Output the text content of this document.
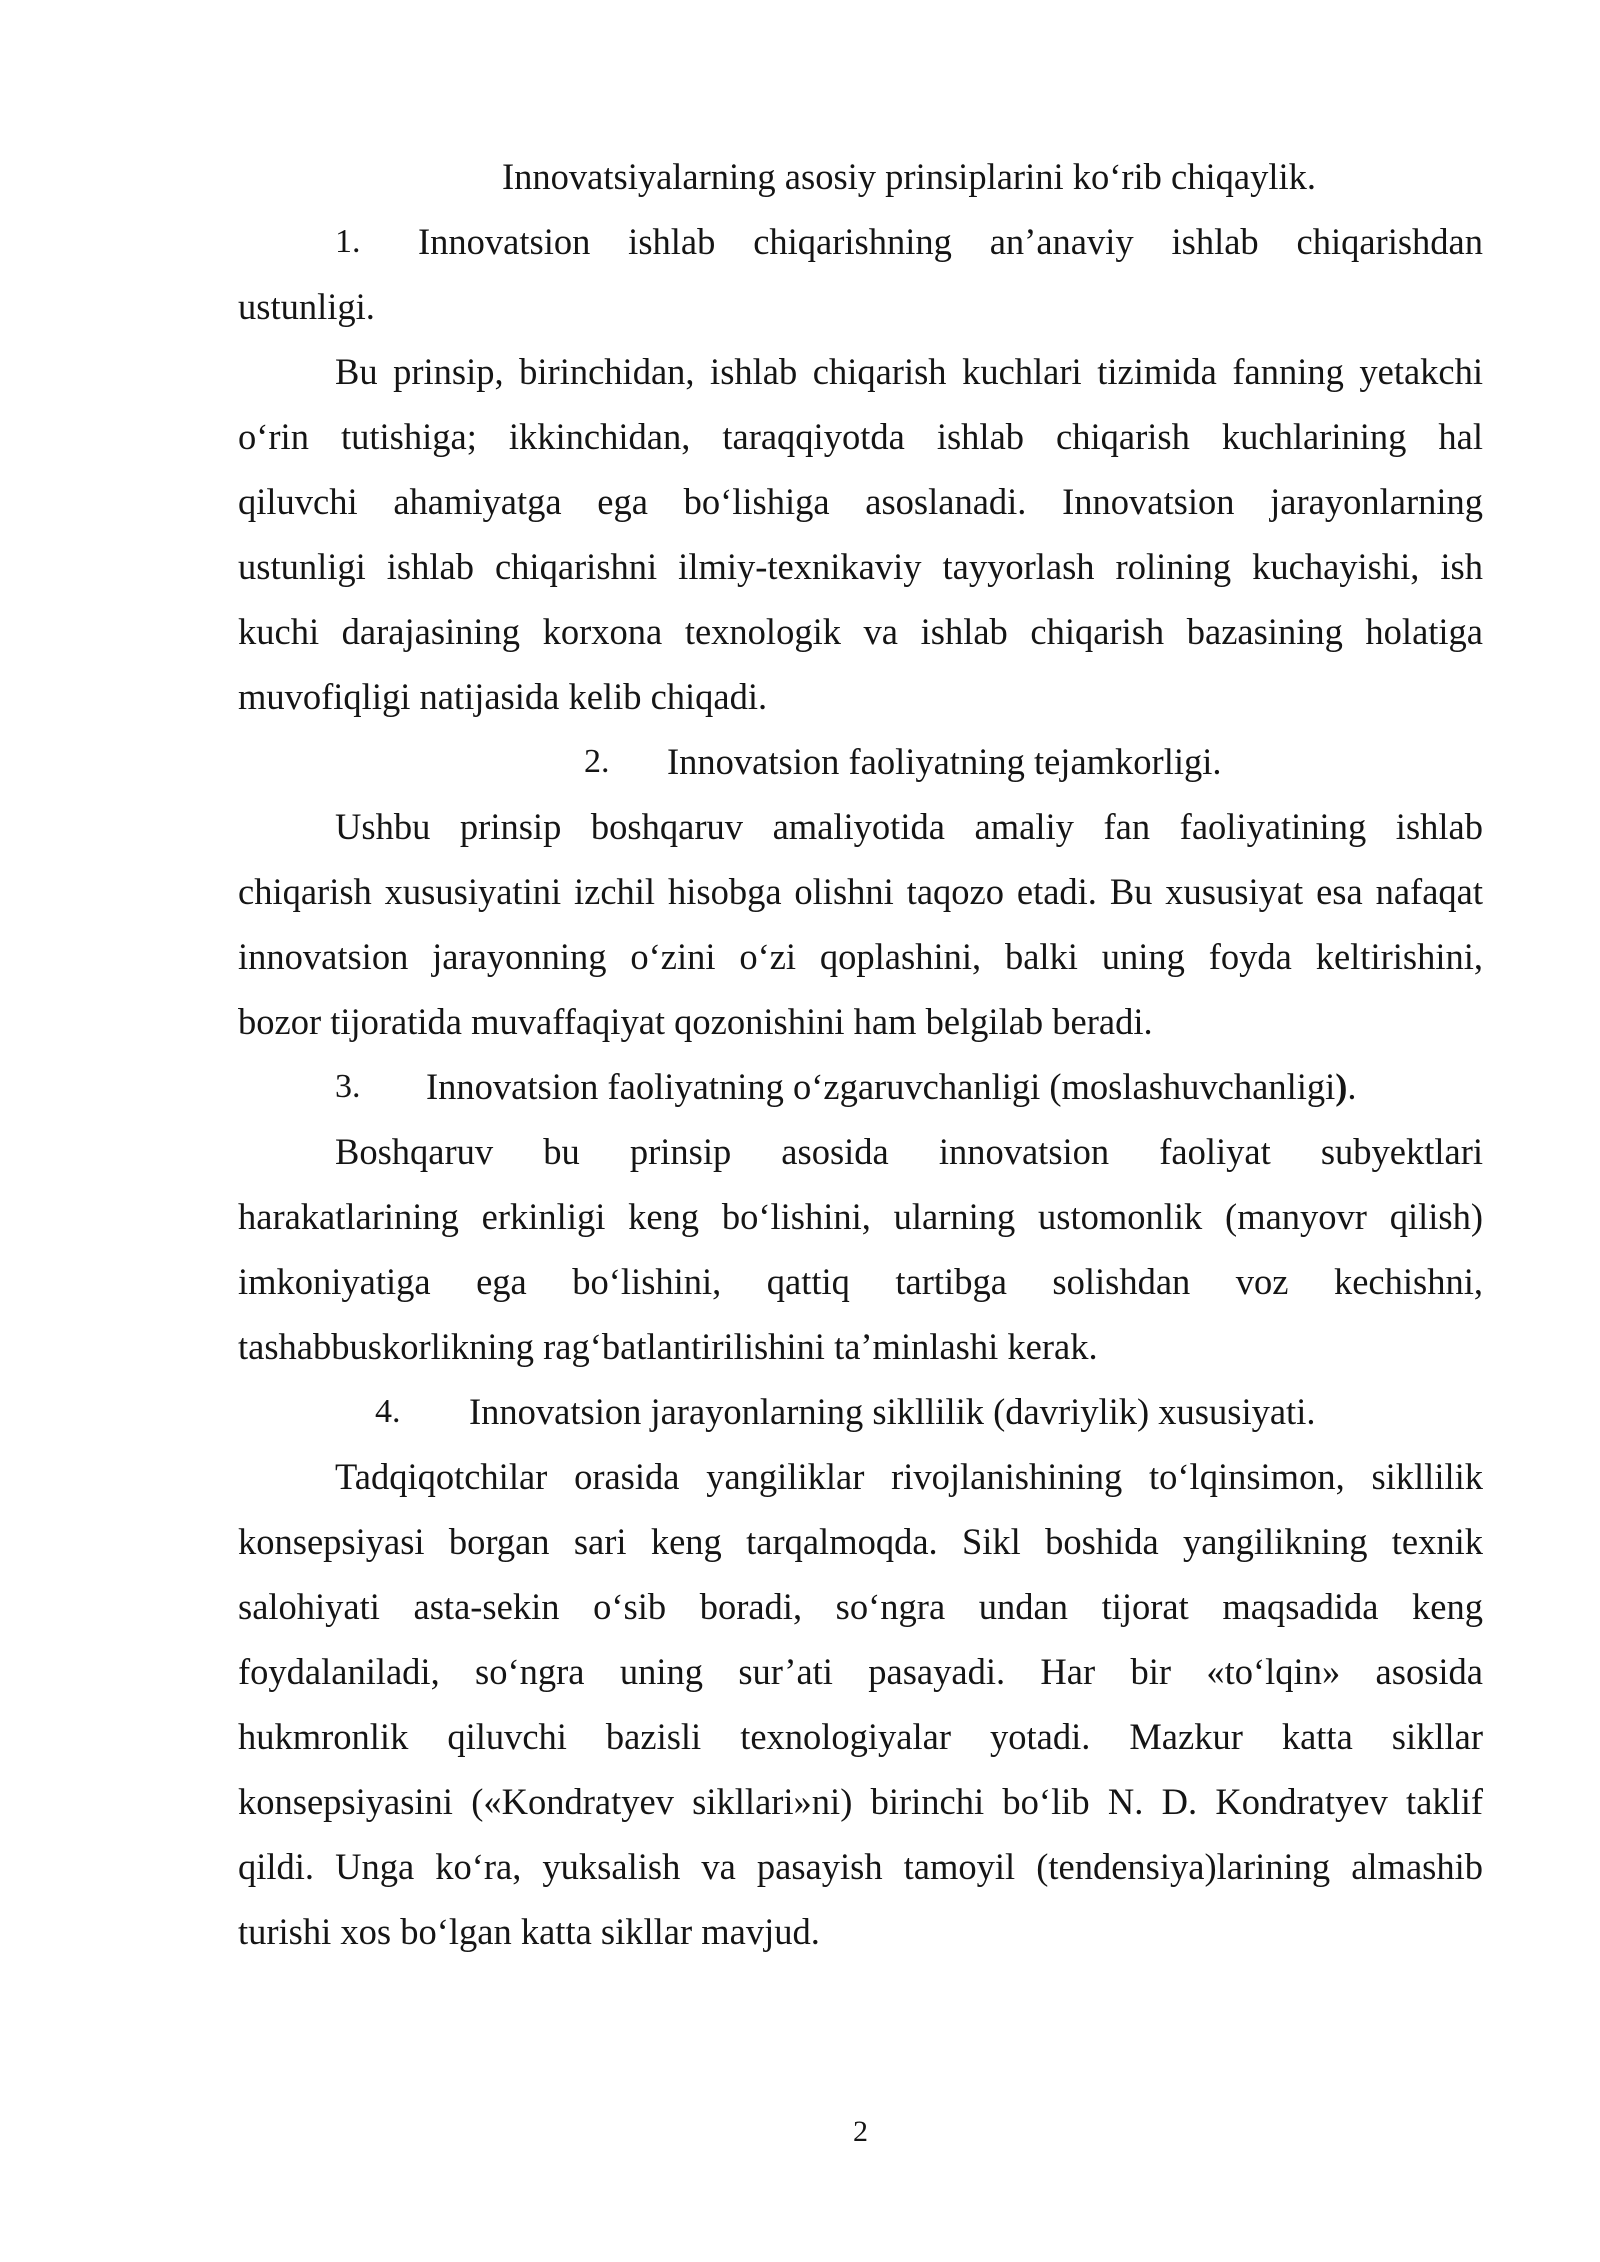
Innovatsiyalarning asosiy prinsiplarini koʻrib chiqaylik.
1. Innovatsion ishlab chiqarishning an’anaviy ishlab chiqarishdan
ustunligi.
Bu prinsip, birinchidan, ishlab chiqarish kuchlari tizimida fanning yetakchi
oʻrin tutishiga; ikkinchidan, taraqqiyotda ishlab chiqarish kuchlarining hal
qiluvchi ahamiyatga ega boʻlishiga asoslanadi. Innovatsion jarayonlarning
ustunligi ishlab chiqarishni ilmiy-texnikaviy tayyorlash rolining kuchayishi, ish
kuchi darajasining korxona texnologik va ishlab chiqarish bazasining holatiga
muvofiqligi natijasida kelib chiqadi.
2. Innovatsion faoliyatning tejamkorligi.
Ushbu prinsip boshqaruv amaliyotida amaliy fan faoliyatining ishlab
chiqarish xususiyatini izchil hisobga olishni taqozo etadi. Bu xususiyat esa nafaqat
innovatsion jarayonning oʻzini oʻzi qoplashini, balki uning foyda keltirishini,
bozor tijoratida muvaffaqiyat qozonishini ham belgilab beradi.
3. Innovatsion faoliyatning oʻzgaruvchanligi (moslashuvchanligi).
Boshqaruv bu prinsip asosida innovatsion faoliyat subyektlari
harakatlarining erkinligi keng boʻlishini, ularning ustomonlik (manyovr qilish)
imkoniyatiga ega boʻlishini, qattiq tartibga solishdan voz kechishni,
tashabbuskorlikning ragʻbatlantirilishini ta’minlashi kerak.
4. Innovatsion jarayonlarning sikllilik (davriylik) xususiyati.
Tadqiqotchilar orasida yangiliklar rivojlanishining toʻlqinsimon, sikllilik
konsepsiyasi borgan sari keng tarqalmoqda. Sikl boshida yangilikning texnik
salohiyati asta-sekin oʻsib boradi, soʻngra undan tijorat maqsadida keng
foydalaniladi, soʻngra uning sur’ati pasayadi. Har bir «toʻlqin» asosida
hukmronlik qiluvchi bazisli texnologiyalar yotadi. Mazkur katta sikllar
konsepsiyasini («Kondratyev sikllari»ni) birinchi boʻlib N. D. Kondratyev taklif
qildi. Unga koʻra, yuksalish va pasayish tamoyil (tendensiya)larining almashib
turishi xos boʻlgan katta sikllar mavjud.
2
